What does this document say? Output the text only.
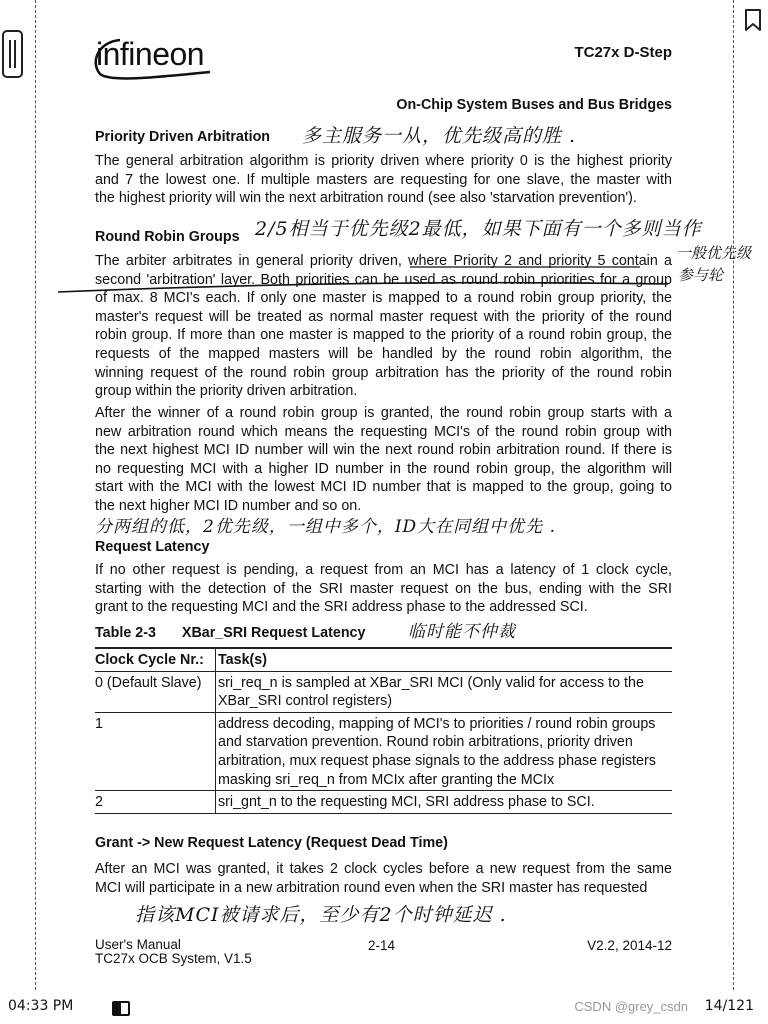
infineon	TC27x D-Step
On-Chip System Buses and Bus Bridges
Priority Driven Arbitration
The general arbitration algorithm is priority driven where priority 0 is the highest priority
and 7 the lowest one. If multiple masters are requesting for one slave, the master with
the highest priority will win the next arbitration round (see also 'starvation prevention').
Round Robin Groups
The arbiter arbitrates in general priority driven, where Priority 2 and priority 5 contain a
second 'arbitration' layer. Both priorities can be used as round robin priorities for a group
of max. 8 MCI's each. If only one master is mapped to a round robin group priority, the
master's request will be treated as normal master request with the priority of the round
robin group. If more than one master is mapped to the priority of a round robin group, the
requests of the mapped masters will be handled by the round robin algorithm, the
winning request of the round robin group arbitration has the priority of the round robin
group within the priority driven arbitration.
After the winner of a round robin group is granted, the round robin group starts with a
new arbitration round which means the requesting MCI's of the round robin group with
the next highest MCI ID number will win the next round robin arbitration round. If there is
no requesting MCI with a higher ID number in the round robin group, the algorithm will
start with the MCI with the lowest MCI ID number that is mapped to the group, going to
the next higher MCI ID number and so on.
Request Latency
If no other request is pending, a request from an MCI has a latency of 1 clock cycle,
starting with the detection of the SRI master request on the bus, ending with the SRI
grant to the requesting MCI and the SRI address phase to the addressed SCI.
Table 2-3 XBar_SRI Request Latency
Clock Cycle Nr.:	Task(s)
0 (Default Slave)	sri_req_n is sampled at XBar_SRI MCI (Only valid for access to the XBar_SRI control registers)
1	address decoding, mapping of MCI's to priorities / round robin groups and starvation prevention. Round robin arbitrations, priority driven arbitration, mux request phase signals to the address phase registers masking sri_req_n from MCIx after granting the MCIx
2	sri_gnt_n to the requesting MCI, SRI address phase to SCI.
Grant -> New Request Latency (Request Dead Time)
After an MCI was granted, it takes 2 clock cycles before a new request from the same
MCI will participate in a new arbitration round even when the SRI master has requested
多主服务一从，优先级高的胜 .
2/5相当于优先级2最低，如果下面有一个多则当作
一般优先级
参与轮
分两组的低，2优先级，一组中多个，ID大在同组中优先 .
临时能不仲裁
指该MCI被请求后，至少有2个时钟延迟 .
User's Manual
TC27x OCB System, V1.5
2-14	V2.2, 2014-12
04:33 PM	CSDN @grey_csdn 14/121
